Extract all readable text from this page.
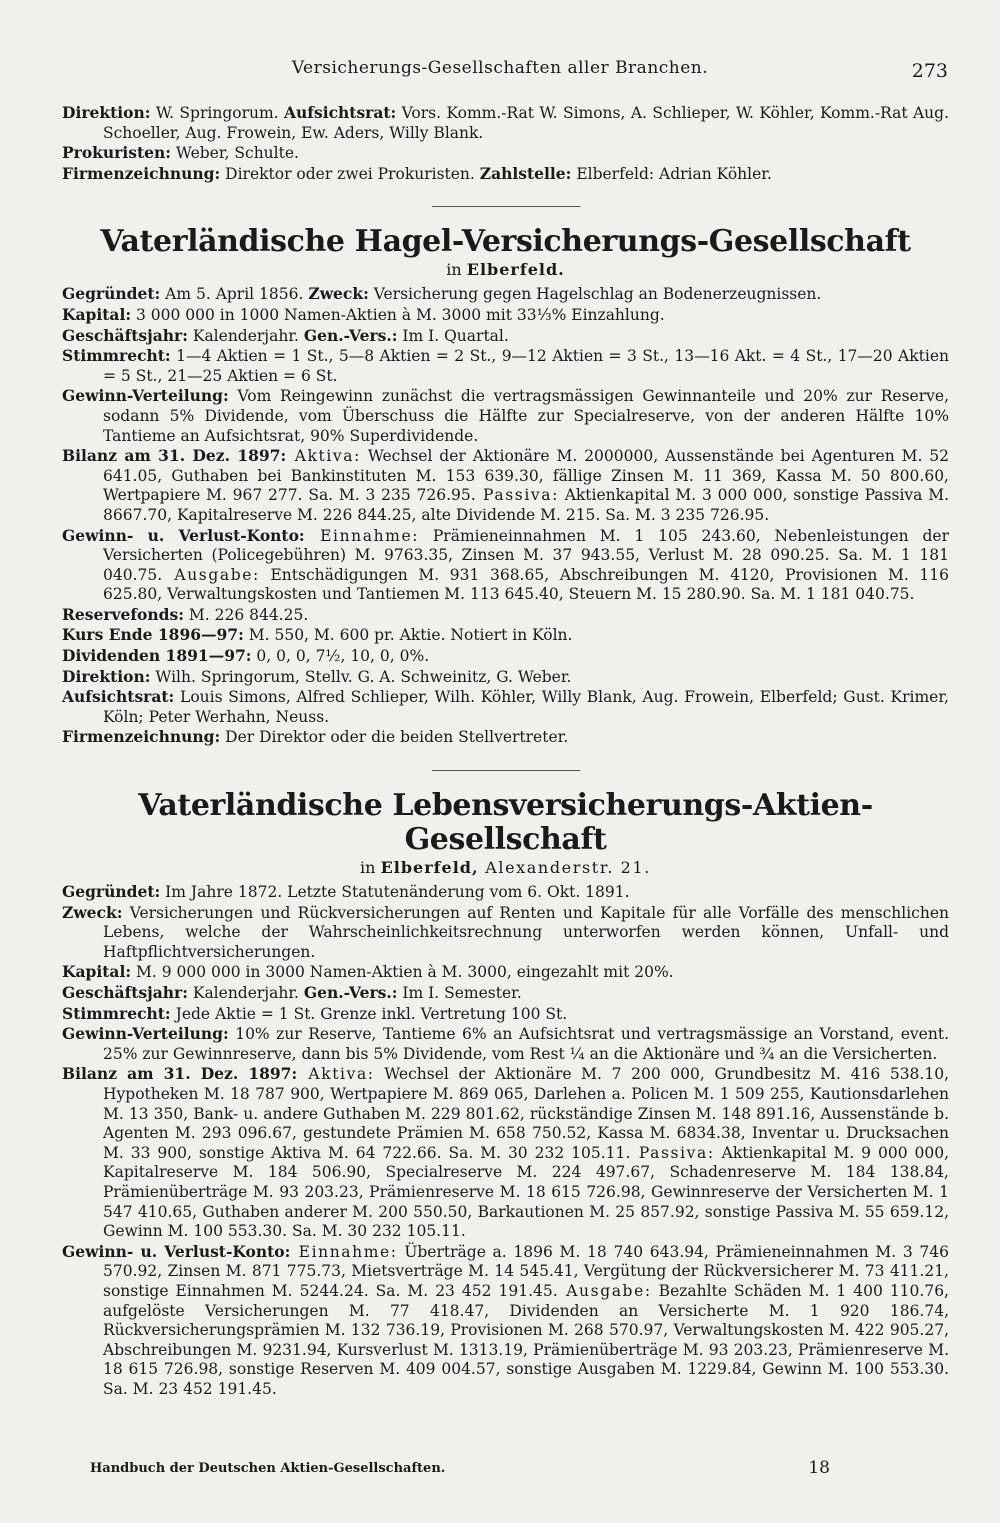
Versicherungs-Gesellschaften aller Branchen.	273

Direktion: W. Springorum. Aufsichtsrat: Vors. Komm.-Rat W. Simons, A. Schlieper, W. Köhler, Komm.-Rat Aug. Schoeller, Aug. Frowein, Ew. Aders, Willy Blank.

Prokuristen: Weber, Schulte.

Firmenzeichnung: Direktor oder zwei Prokuristen. Zahlstelle: Elberfeld: Adrian Köhler.

Vaterländische Hagel-Versicherungs-Gesellschaft
in Elberfeld.

Gegründet: Am 5. April 1856. Zweck: Versicherung gegen Hagelschlag an Bodenerzeugnissen.

Kapital: 3 000 000 in 1000 Namen-Aktien à M. 3000 mit 33⅓% Einzahlung.

Geschäftsjahr: Kalenderjahr. Gen.-Vers.: Im I. Quartal.

Stimmrecht: 1—4 Aktien = 1 St., 5—8 Aktien = 2 St., 9—12 Aktien = 3 St., 13—16 Akt. = 4 St., 17—20 Aktien = 5 St., 21—25 Aktien = 6 St.

Gewinn-Verteilung: Vom Reingewinn zunächst die vertragsmässigen Gewinnanteile und 20% zur Reserve, sodann 5% Dividende, vom Überschuss die Hälfte zur Specialreserve, von der anderen Hälfte 10% Tantieme an Aufsichtsrat, 90% Superdividende.

Bilanz am 31. Dez. 1897: Aktiva: Wechsel der Aktionäre M. 2000000, Aussenstände bei Agenturen M. 52 641.05, Guthaben bei Bankinstituten M. 153 639.30, fällige Zinsen M. 11 369, Kassa M. 50 800.60, Wertpapiere M. 967 277. Sa. M. 3 235 726.95. Passiva: Aktienkapital M. 3 000 000, sonstige Passiva M. 8667.70, Kapitalreserve M. 226 844.25, alte Dividende M. 215. Sa. M. 3 235 726.95.

Gewinn- u. Verlust-Konto: Einnahme: Prämieneinnahmen M. 1 105 243.60, Nebenleistungen der Versicherten (Policegebühren) M. 9763.35, Zinsen M. 37 943.55, Verlust M. 28 090.25. Sa. M. 1 181 040.75. Ausgabe: Entschädigungen M. 931 368.65, Abschreibungen M. 4120, Provisionen M. 116 625.80, Verwaltungskosten und Tantiemen M. 113 645.40, Steuern M. 15 280.90. Sa. M. 1 181 040.75.

Reservefonds: M. 226 844.25.

Kurs Ende 1896—97: M. 550, M. 600 pr. Aktie. Notiert in Köln.

Dividenden 1891—97: 0, 0, 0, 7½, 10, 0, 0%.

Direktion: Wilh. Springorum, Stellv. G. A. Schweinitz, G. Weber.

Aufsichtsrat: Louis Simons, Alfred Schlieper, Wilh. Köhler, Willy Blank, Aug. Frowein, Elberfeld; Gust. Krimer, Köln; Peter Werhahn, Neuss.

Firmenzeichnung: Der Direktor oder die beiden Stellvertreter.

Vaterländische Lebensversicherungs-Aktien-Gesellschaft
in Elberfeld, Alexanderstr. 21.

Gegründet: Im Jahre 1872. Letzte Statutenänderung vom 6. Okt. 1891.

Zweck: Versicherungen und Rückversicherungen auf Renten und Kapitale für alle Vorfälle des menschlichen Lebens, welche der Wahrscheinlichkeitsrechnung unterworfen werden können, Unfall- und Haftpflichtversicherungen.

Kapital: M. 9 000 000 in 3000 Namen-Aktien à M. 3000, eingezahlt mit 20%.

Geschäftsjahr: Kalenderjahr. Gen.-Vers.: Im I. Semester.

Stimmrecht: Jede Aktie = 1 St. Grenze inkl. Vertretung 100 St.

Gewinn-Verteilung: 10% zur Reserve, Tantieme 6% an Aufsichtsrat und vertragsmässige an Vorstand, event. 25% zur Gewinnreserve, dann bis 5% Dividende, vom Rest ¼ an die Aktionäre und ¾ an die Versicherten.

Bilanz am 31. Dez. 1897: Aktiva: Wechsel der Aktionäre M. 7 200 000, Grundbesitz M. 416 538.10, Hypotheken M. 18 787 900, Wertpapiere M. 869 065, Darlehen a. Policen M. 1 509 255, Kautionsdarlehen M. 13 350, Bank- u. andere Guthaben M. 229 801.62, rückständige Zinsen M. 148 891.16, Aussenstände b. Agenten M. 293 096.67, gestundete Prämien M. 658 750.52, Kassa M. 6834.38, Inventar u. Drucksachen M. 33 900, sonstige Aktiva M. 64 722.66. Sa. M. 30 232 105.11. Passiva: Aktienkapital M. 9 000 000, Kapitalreserve M. 184 506.90, Specialreserve M. 224 497.67, Schadenreserve M. 184 138.84, Prämienüberträge M. 93 203.23, Prämienreserve M. 18 615 726.98, Gewinnreserve der Versicherten M. 1 547 410.65, Guthaben anderer M. 200 550.50, Barkautionen M. 25 857.92, sonstige Passiva M. 55 659.12, Gewinn M. 100 553.30. Sa. M. 30 232 105.11.

Gewinn- u. Verlust-Konto: Einnahme: Überträge a. 1896 M. 18 740 643.94, Prämieneinnahmen M. 3 746 570.92, Zinsen M. 871 775.73, Mietsverträge M. 14 545.41, Vergütung der Rückversicherer M. 73 411.21, sonstige Einnahmen M. 5244.24. Sa. M. 23 452 191.45. Ausgabe: Bezahlte Schäden M. 1 400 110.76, aufgelöste Versicherungen M. 77 418.47, Dividenden an Versicherte M. 1 920 186.74, Rückversicherungsprämien M. 132 736.19, Provisionen M. 268 570.97, Verwaltungskosten M. 422 905.27, Abschreibungen M. 9231.94, Kursverlust M. 1313.19, Prämienüberträge M. 93 203.23, Prämienreserve M. 18 615 726.98, sonstige Reserven M. 409 004.57, sonstige Ausgaben M. 1229.84, Gewinn M. 100 553.30. Sa. M. 23 452 191.45.

Handbuch der Deutschen Aktien-Gesellschaften.	18
